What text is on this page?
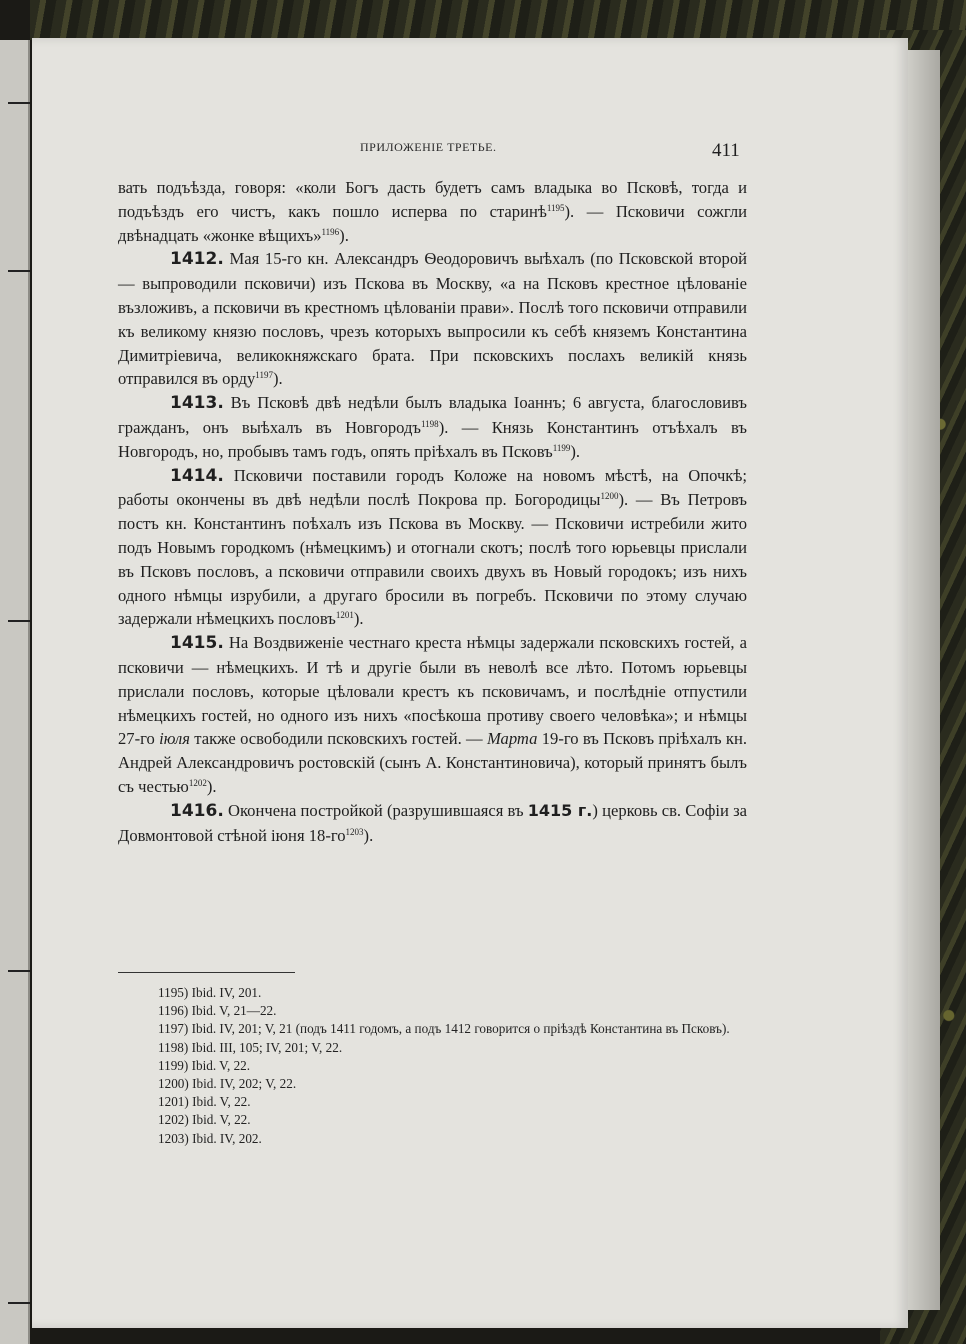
ПРИЛОЖЕНIЕ ТРЕТЬЕ.	411

вать подъѣзда, говоря: «коли Богъ дасть будетъ самъ владыка во Псковѣ, тогда и подъѣздъ его чистъ, какъ пошло исперва по старинѣ$^{1195}$). — Псковичи сожгли двѣнадцать «жонке вѣщихъ»$^{1196}$).

1412. Мая 15-го кн. Александръ Ѳеодоровичъ выѣхалъ (по Псковской второй — выпроводили псковичи) изъ Пскова въ Москву, «а на Псковъ крестное цѣлованiе възложивъ, а псковичи въ крестномъ цѣлованiи прави». Послѣ того псковичи отправили къ великому князю пословъ, чрезъ которыхъ выпросили къ себѣ княземъ Константина Димитрiевича, великокняжскаго брата. При псковскихъ послахъ великiй князь отправился въ орду$^{1197}$).

1413. Въ Псковѣ двѣ недѣли былъ владыка Iоаннъ; 6 августа, благословивъ гражданъ, онъ выѣхалъ въ Новгородъ$^{1198}$). — Князь Константинъ отъѣхалъ въ Новгородъ, но, пробывъ тамъ годъ, опять прiѣхалъ въ Псковъ$^{1199}$).

1414. Псковичи поставили городъ Коложе на новомъ мѣстѣ, на Опочкѣ; работы окончены въ двѣ недѣли послѣ Покрова пр. Богородицы$^{1200}$). — Въ Петровъ постъ кн. Константинъ поѣхалъ изъ Пскова въ Москву. — Псковичи истребили жито подъ Новымъ городкомъ (нѣмецкимъ) и отогнали скотъ; послѣ того юрьевцы прислали въ Псковъ пословъ, а псковичи отправили своихъ двухъ въ Новый городокъ; изъ нихъ одного нѣмцы изрубили, а другаго бросили въ погребъ. Псковичи по этому случаю задержали нѣмецкихъ пословъ$^{1201}$).

1415. На Воздвиженiе честнаго креста нѣмцы задержали псковскихъ гостей, а псковичи — нѣмецкихъ. И тѣ и другiе были въ неволѣ все лѣто. Потомъ юрьевцы прислали пословъ, которые цѣловали крестъ къ псковичамъ, и послѣднiе отпустили нѣмецкихъ гостей, но одного изъ нихъ «посѣкоша противу своего человѣка»; и нѣмцы 27-го iюля также освободили псковскихъ гостей. — Марта 19-го въ Псковъ прiѣхалъ кн. Андрей Александровичъ ростовскiй (сынъ А. Константиновича), который принятъ былъ съ честью$^{1202}$).

1416. Окончена постройкой (разрушившаяся въ 1415 г.) церковь св. Софiи за Довмонтовой стѣной iюня $18-го^{1203}$).

1195) Ibid. IV, 201.
1196) Ibid. V, 21—22.
1197) Ibid. IV, 201; V, 21 (подъ 1411 годомъ, а подъ 1412 говорится о прiѣздѣ Константина въ Псковъ).
1198) Ibid. III, 105; IV, 201; V, 22.
1199) Ibid. V, 22.
1200) Ibid. IV, 202; V, 22.
1201) Ibid. V, 22.
1202) Ibid. V, 22.
1203) Ibid. IV, 202.
